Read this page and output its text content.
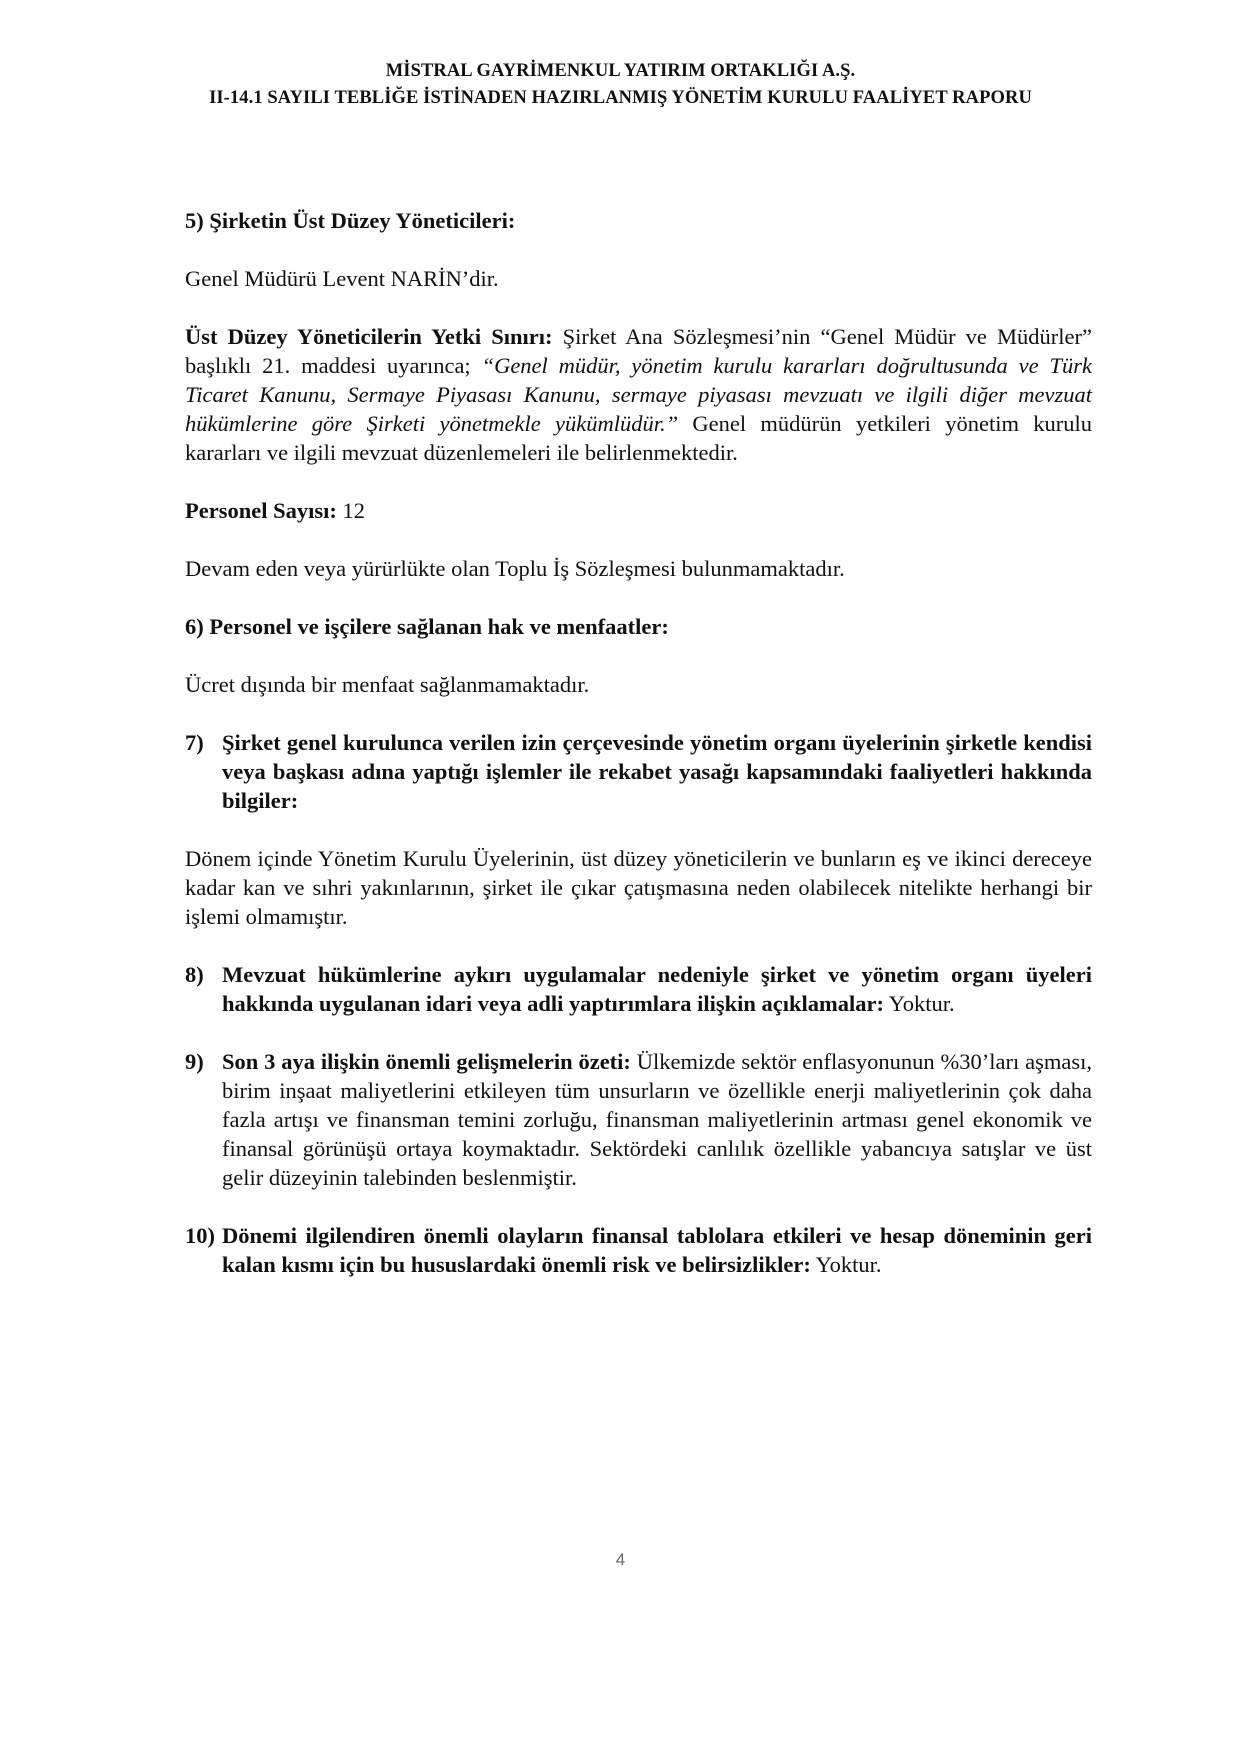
MİSTRAL GAYRİMENKUL YATIRIM ORTAKLIĞI A.Ş.
II-14.1 SAYILI TEBLİĞE İSTİNADEN HAZIRLANMIŞ YÖNETİM KURULU FAALİYET RAPORU

5) Şirketin Üst Düzey Yöneticileri:

Genel Müdürü Levent NARİN’dir.

Üst Düzey Yöneticilerin Yetki Sınırı: Şirket Ana Sözleşmesi’nin “Genel Müdür ve Müdürler” başlıklı 21. maddesi uyarınca; “Genel müdür, yönetim kurulu kararları doğrultusunda ve Türk Ticaret Kanunu, Sermaye Piyasası Kanunu, sermaye piyasası mevzuatı ve ilgili diğer mevzuat hükümlerine göre Şirketi yönetmekle yükümlüdür.” Genel müdürün yetkileri yönetim kurulu kararları ve ilgili mevzuat düzenlemeleri ile belirlenmektedir.

Personel Sayısı: 12

Devam eden veya yürürlükte olan Toplu İş Sözleşmesi bulunmamaktadır.

6) Personel ve işçilere sağlanan hak ve menfaatler:

Ücret dışında bir menfaat sağlanmamaktadır.

7) Şirket genel kurulunca verilen izin çerçevesinde yönetim organı üyelerinin şirketle kendisi veya başkası adına yaptığı işlemler ile rekabet yasağı kapsamındaki faaliyetleri hakkında bilgiler:

Dönem içinde Yönetim Kurulu Üyelerinin, üst düzey yöneticilerin ve bunların eş ve ikinci dereceye kadar kan ve sıhri yakınlarının, şirket ile çıkar çatışmasına neden olabilecek nitelikte herhangi bir işlemi olmamıştır.

8) Mevzuat hükümlerine aykırı uygulamalar nedeniyle şirket ve yönetim organı üyeleri hakkında uygulanan idari veya adli yaptırımlara ilişkin açıklamalar: Yoktur.
9) Son 3 aya ilişkin önemli gelişmelerin özeti: Ülkemizde sektör enflasyonunun %30’ları aşması, birim inşaat maliyetlerini etkileyen tüm unsurların ve özellikle enerji maliyetlerinin çok daha fazla artışı ve finansman temini zorluğu, finansman maliyetlerinin artması genel ekonomik ve finansal görünüşü ortaya koymaktadır. Sektördeki canlılık özellikle yabancıya satışlar ve üst gelir düzeyinin talebinden beslenmiştir.
10) Dönemi ilgilendiren önemli olayların finansal tablolara etkileri ve hesap döneminin geri kalan kısmı için bu hususlardaki önemli risk ve belirsizlikler: Yoktur.
4
